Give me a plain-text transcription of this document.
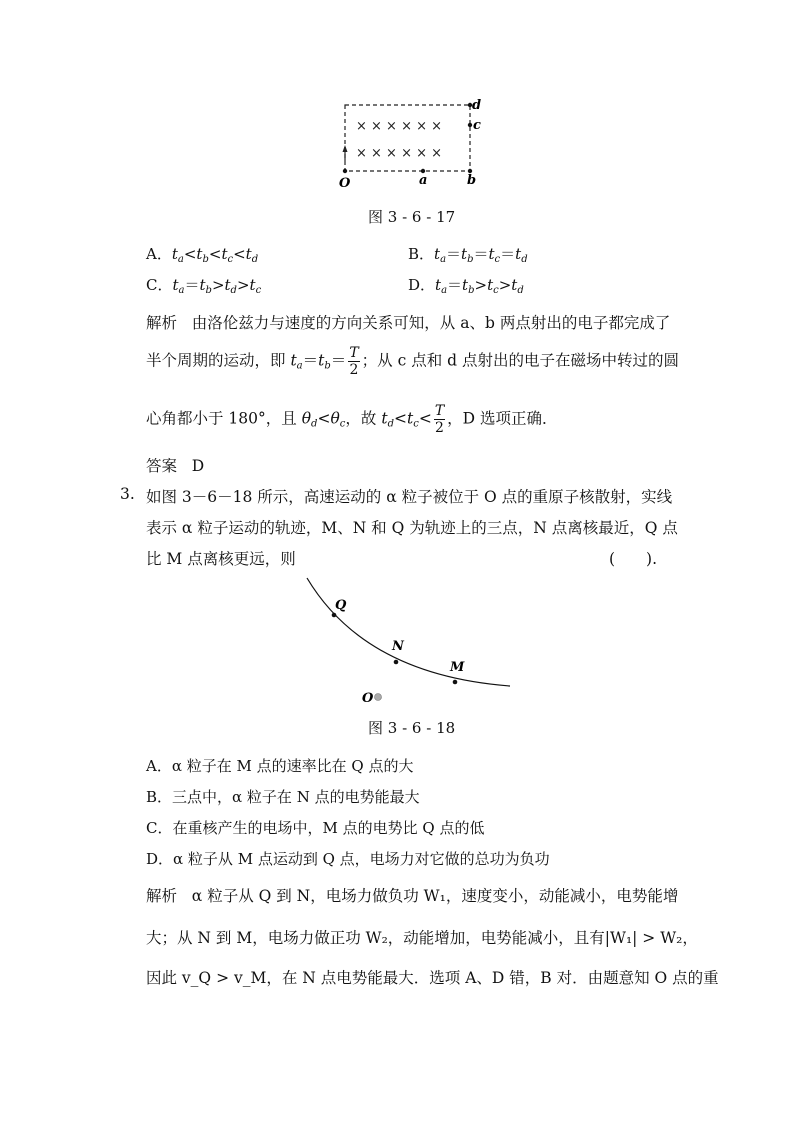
× × × × × ×
× × × × × ×
d
c
O	a	b
图 3 - 6 - 17
A．$t_a<t_b<t_c<t_d$	B．$t_a=t_b=t_c=t_d$
C．$t_a=t_b>t_d>t_c$	D．$t_a=t_b>t_c>t_d$
解析 由洛伦兹力与速度的方向关系可知，从 a、b 两点射出的电子都完成了
半个周期的运动，即 $t_a=t_b= \frac{T}{2}$ ；从 c 点和 d 点射出的电子在磁场中转过的圆
心角都小于 180°，且 $\theta_d<\theta_c$，故 $t_d<t_c< \frac{T}{2}$ ，D 选项正确．
答案 D
3. 如图 3－6－18 所示，高速运动的 α 粒子被位于 O 点的重原子核散射，实线
表示 α 粒子运动的轨迹，M、N 和 Q 为轨迹上的三点，N 点离核最近，Q 点
比 M 点离核更远，则	(　　).
Q
N
M
O
图 3 - 6 - 18
A．α 粒子在 M 点的速率比在 Q 点的大
B．三点中，α 粒子在 N 点的电势能最大
C．在重核产生的电场中，M 点的电势比 Q 点的低
D．α 粒子从 M 点运动到 Q 点，电场力对它做的总功为负功
解析 α 粒子从 Q 到 N，电场力做负功 W₁，速度变小，动能减小，电势能增
大；从 N 到 M，电场力做正功 W₂，动能增加，电势能减小，且有|W₁| > W₂，
因此 v_Q > v_M，在 N 点电势能最大．选项 A、D 错，B 对．由题意知 O 点的重
